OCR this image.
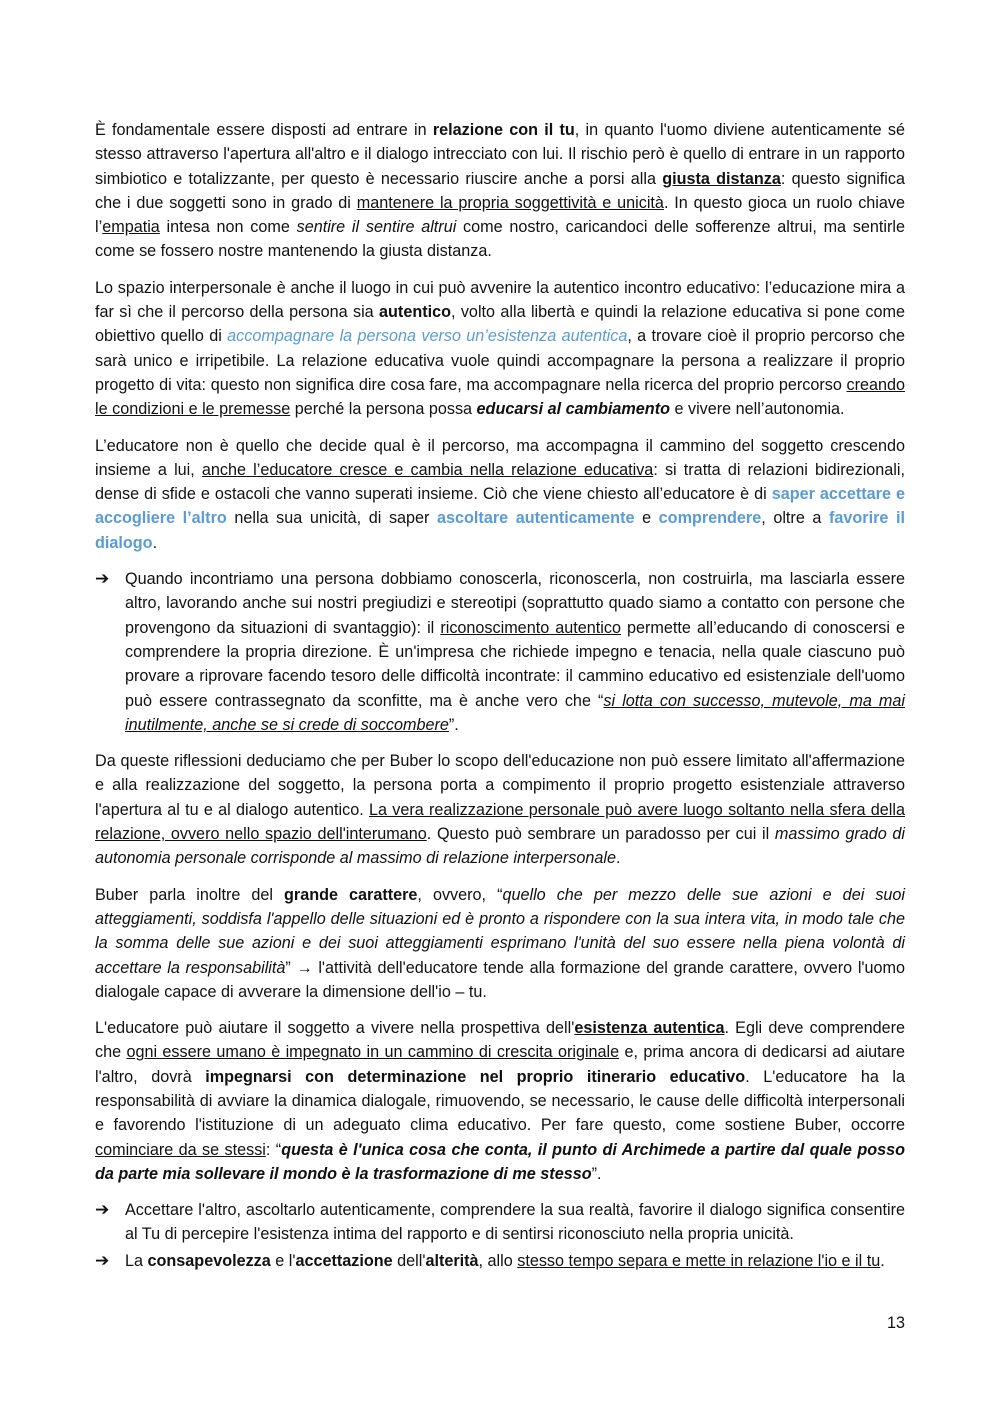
È fondamentale essere disposti ad entrare in relazione con il tu, in quanto l'uomo diviene autenticamente sé stesso attraverso l'apertura all'altro e il dialogo intrecciato con lui. Il rischio però è quello di entrare in un rapporto simbiotico e totalizzante, per questo è necessario riuscire anche a porsi alla giusta distanza: questo significa che i due soggetti sono in grado di mantenere la propria soggettività e unicità. In questo gioca un ruolo chiave l’empatia intesa non come sentire il sentire altrui come nostro, caricandoci delle sofferenze altrui, ma sentirle come se fossero nostre mantenendo la giusta distanza.

Lo spazio interpersonale è anche il luogo in cui può avvenire la autentico incontro educativo: l’educazione mira a far sì che il percorso della persona sia autentico, volto alla libertà e quindi la relazione educativa si pone come obiettivo quello di accompagnare la persona verso un’esistenza autentica, a trovare cioè il proprio percorso che sarà unico e irripetibile. La relazione educativa vuole quindi accompagnare la persona a realizzare il proprio progetto di vita: questo non significa dire cosa fare, ma accompagnare nella ricerca del proprio percorso creando le condizioni e le premesse perché la persona possa educarsi al cambiamento e vivere nell’autonomia.

L’educatore non è quello che decide qual è il percorso, ma accompagna il cammino del soggetto crescendo insieme a lui, anche l’educatore cresce e cambia nella relazione educativa: si tratta di relazioni bidirezionali, dense di sfide e ostacoli che vanno superati insieme. Ciò che viene chiesto all’educatore è di saper accettare e accogliere l’altro nella sua unicità, di saper ascoltare autenticamente e comprendere, oltre a favorire il dialogo.

➔ Quando incontriamo una persona dobbiamo conoscerla, riconoscerla, non costruirla, ma lasciarla essere altro, lavorando anche sui nostri pregiudizi e stereotipi (soprattutto quado siamo a contatto con persone che provengono da situazioni di svantaggio): il riconoscimento autentico permette all’educando di conoscersi e comprendere la propria direzione. È un'impresa che richiede impegno e tenacia, nella quale ciascuno può provare a riprovare facendo tesoro delle difficoltà incontrate: il cammino educativo ed esistenziale dell'uomo può essere contrassegnato da sconfitte, ma è anche vero che “si lotta con successo, mutevole, ma mai inutilmente, anche se si crede di soccombere”.

Da queste riflessioni deduciamo che per Buber lo scopo dell'educazione non può essere limitato all'affermazione e alla realizzazione del soggetto, la persona porta a compimento il proprio progetto esistenziale attraverso l'apertura al tu e al dialogo autentico. La vera realizzazione personale può avere luogo soltanto nella sfera della relazione, ovvero nello spazio dell'interumano. Questo può sembrare un paradosso per cui il massimo grado di autonomia personale corrisponde al massimo di relazione interpersonale.

Buber parla inoltre del grande carattere, ovvero, “quello che per mezzo delle sue azioni e dei suoi atteggiamenti, soddisfa l'appello delle situazioni ed è pronto a rispondere con la sua intera vita, in modo tale che la somma delle sue azioni e dei suoi atteggiamenti esprimano l'unità del suo essere nella piena volontà di accettare la responsabilità” → l'attività dell'educatore tende alla formazione del grande carattere, ovvero l'uomo dialogale capace di avverare la dimensione dell'io – tu.

L'educatore può aiutare il soggetto a vivere nella prospettiva dell'esistenza autentica. Egli deve comprendere che ogni essere umano è impegnato in un cammino di crescita originale e, prima ancora di dedicarsi ad aiutare l'altro, dovrà impegnarsi con determinazione nel proprio itinerario educativo. L'educatore ha la responsabilità di avviare la dinamica dialogale, rimuovendo, se necessario, le cause delle difficoltà interpersonali e favorendo l'istituzione di un adeguato clima educativo. Per fare questo, come sostiene Buber, occorre cominciare da se stessi: “questa è l'unica cosa che conta, il punto di Archimede a partire dal quale posso da parte mia sollevare il mondo è la trasformazione di me stesso”.

➔ Accettare l'altro, ascoltarlo autenticamente, comprendere la sua realtà, favorire il dialogo significa consentire al Tu di percepire l'esistenza intima del rapporto e di sentirsi riconosciuto nella propria unicità.

➔ La consapevolezza e l'accettazione dell'alterità, allo stesso tempo separa e mette in relazione l'io e il tu.

13
